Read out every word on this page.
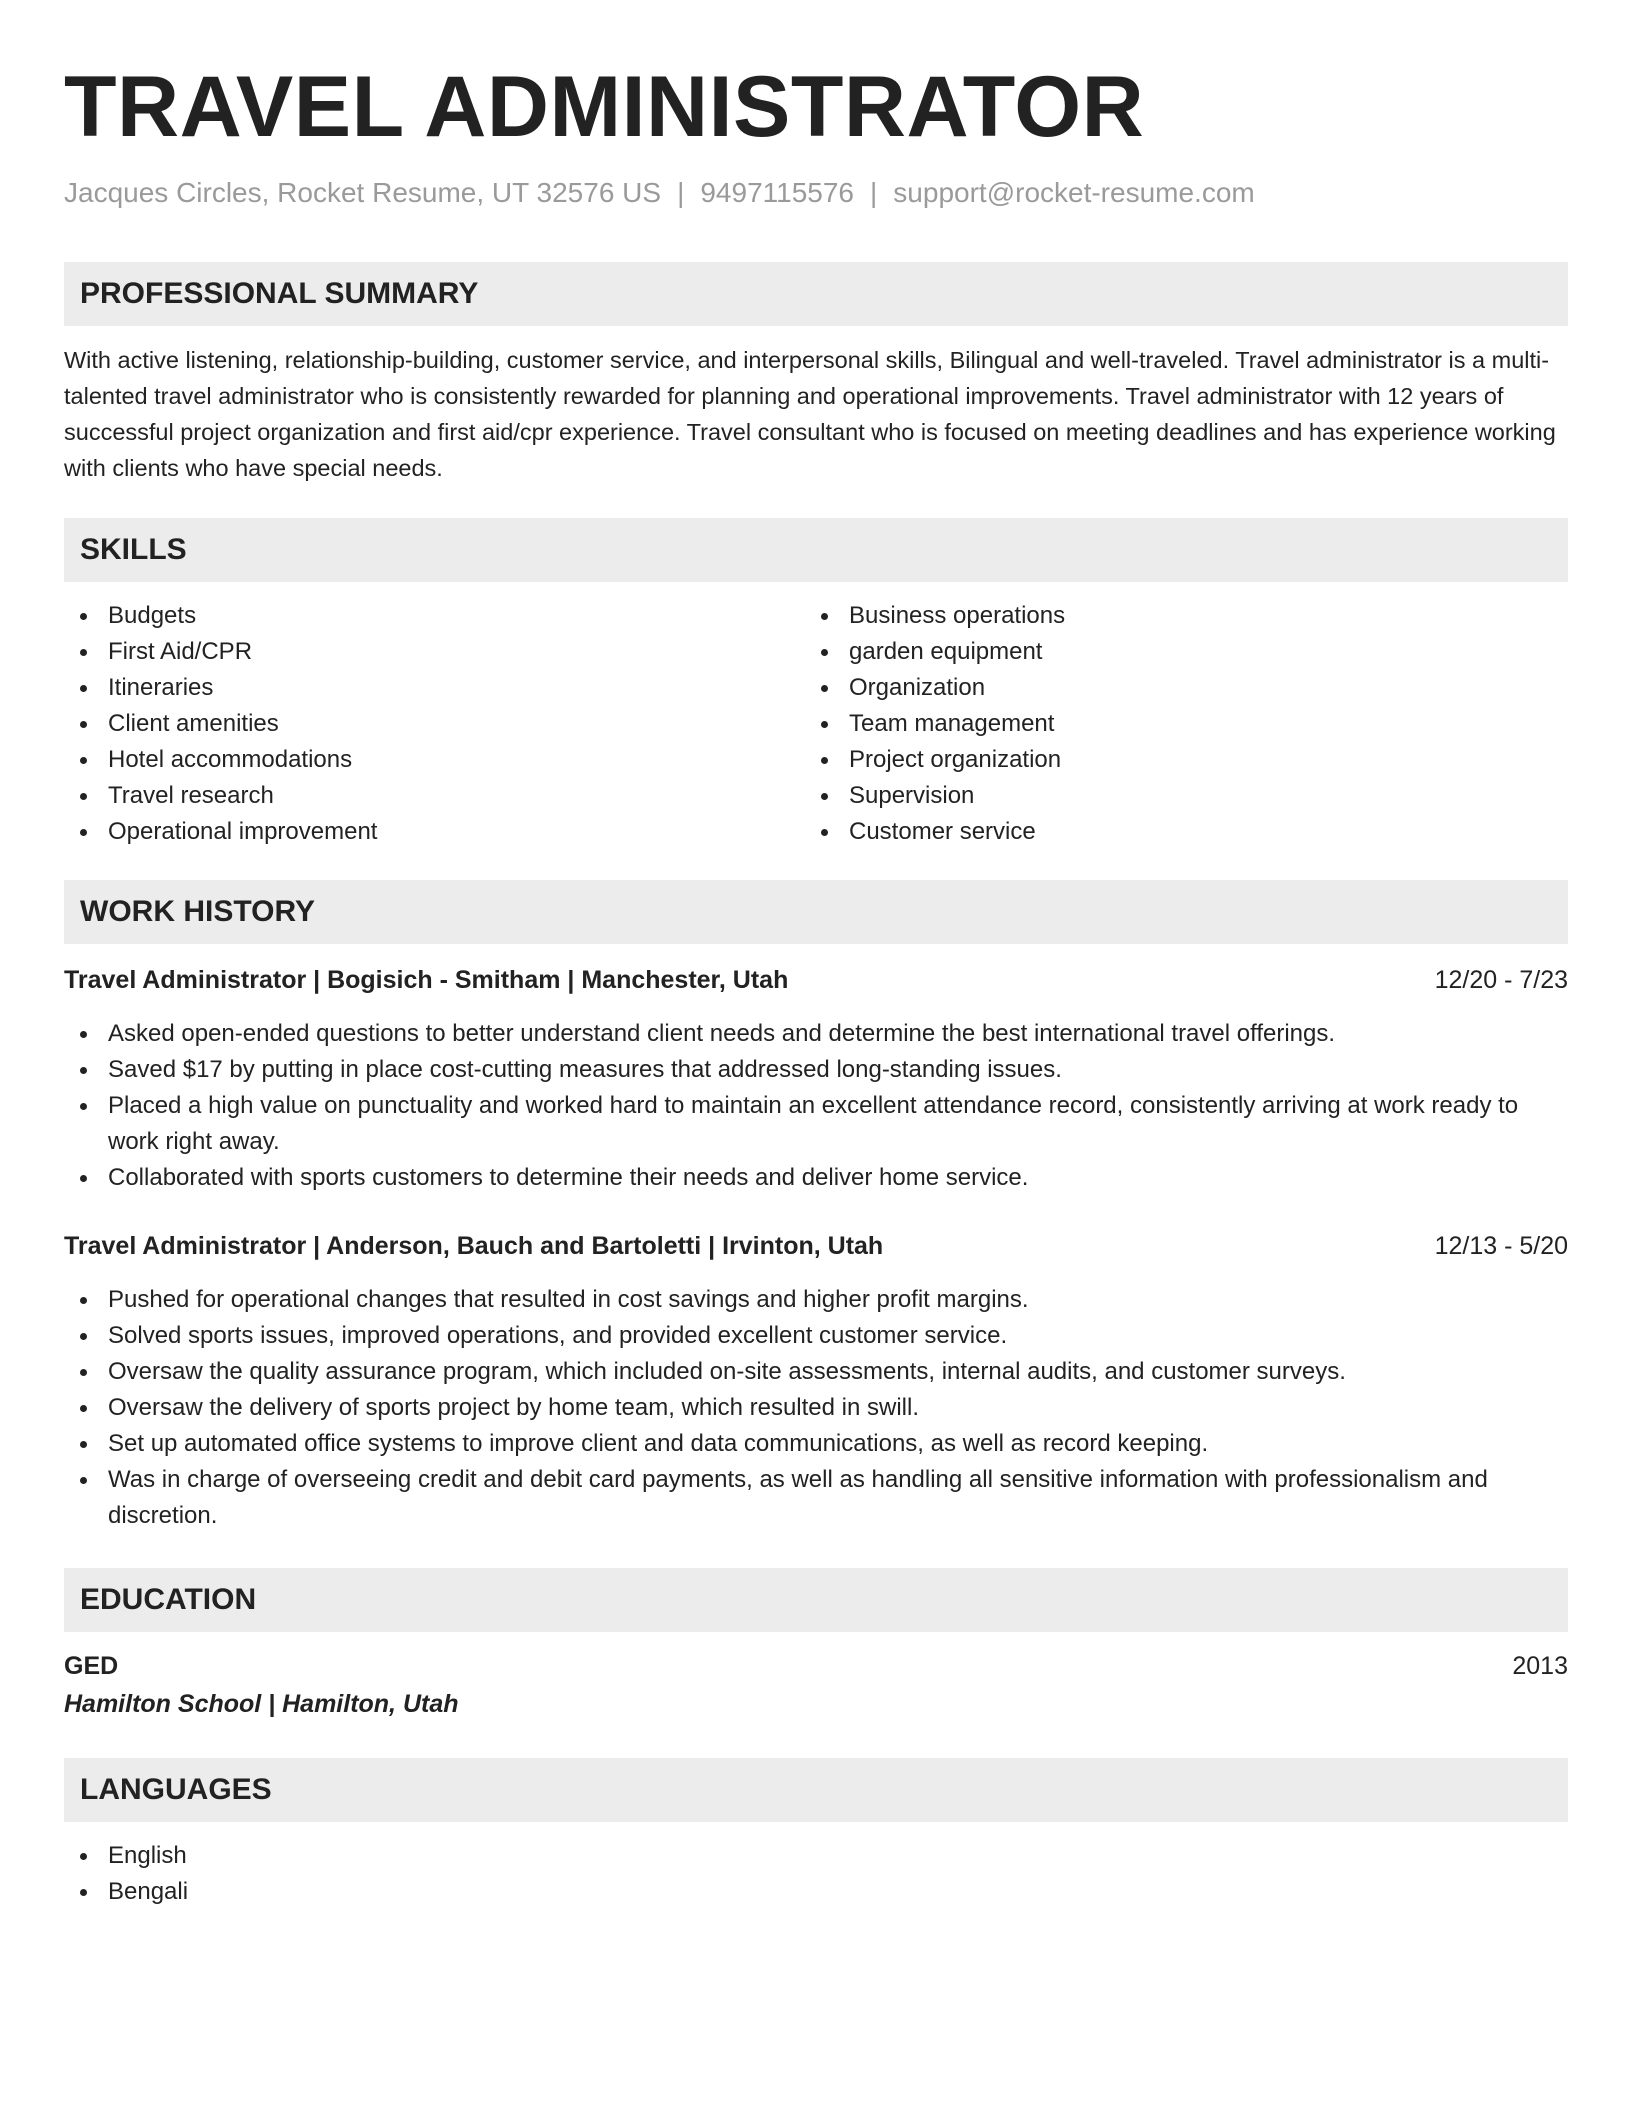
TRAVEL ADMINISTRATOR
Jacques Circles, Rocket Resume, UT 32576 US | 9497115576 | support@rocket-resume.com
PROFESSIONAL SUMMARY

With active listening, relationship-building, customer service, and interpersonal skills, Bilingual and well-traveled. Travel administrator is a multi-talented travel administrator who is consistently rewarded for planning and operational improvements. Travel administrator with 12 years of successful project organization and first aid/cpr experience. Travel consultant who is focused on meeting deadlines and has experience working with clients who have special needs.

SKILLS
Budgets
First Aid/CPR
Itineraries
Client amenities
Hotel accommodations
Travel research
Operational improvement
Business operations
garden equipment
Organization
Team management
Project organization
Supervision
Customer service
WORK HISTORY
Travel Administrator | Bogisich - Smitham | Manchester, Utah	12/20 - 7/23
Asked open-ended questions to better understand client needs and determine the best international travel offerings.
Saved $17 by putting in place cost-cutting measures that addressed long-standing issues.
Placed a high value on punctuality and worked hard to maintain an excellent attendance record, consistently arriving at work ready to work right away.
Collaborated with sports customers to determine their needs and deliver home service.
Travel Administrator | Anderson, Bauch and Bartoletti | Irvinton, Utah	12/13 - 5/20
Pushed for operational changes that resulted in cost savings and higher profit margins.
Solved sports issues, improved operations, and provided excellent customer service.
Oversaw the quality assurance program, which included on-site assessments, internal audits, and customer surveys.
Oversaw the delivery of sports project by home team, which resulted in swill.
Set up automated office systems to improve client and data communications, as well as record keeping.
Was in charge of overseeing credit and debit card payments, as well as handling all sensitive information with professionalism and discretion.
EDUCATION
GED	2013
Hamilton School | Hamilton, Utah
LANGUAGES
English
Bengali
